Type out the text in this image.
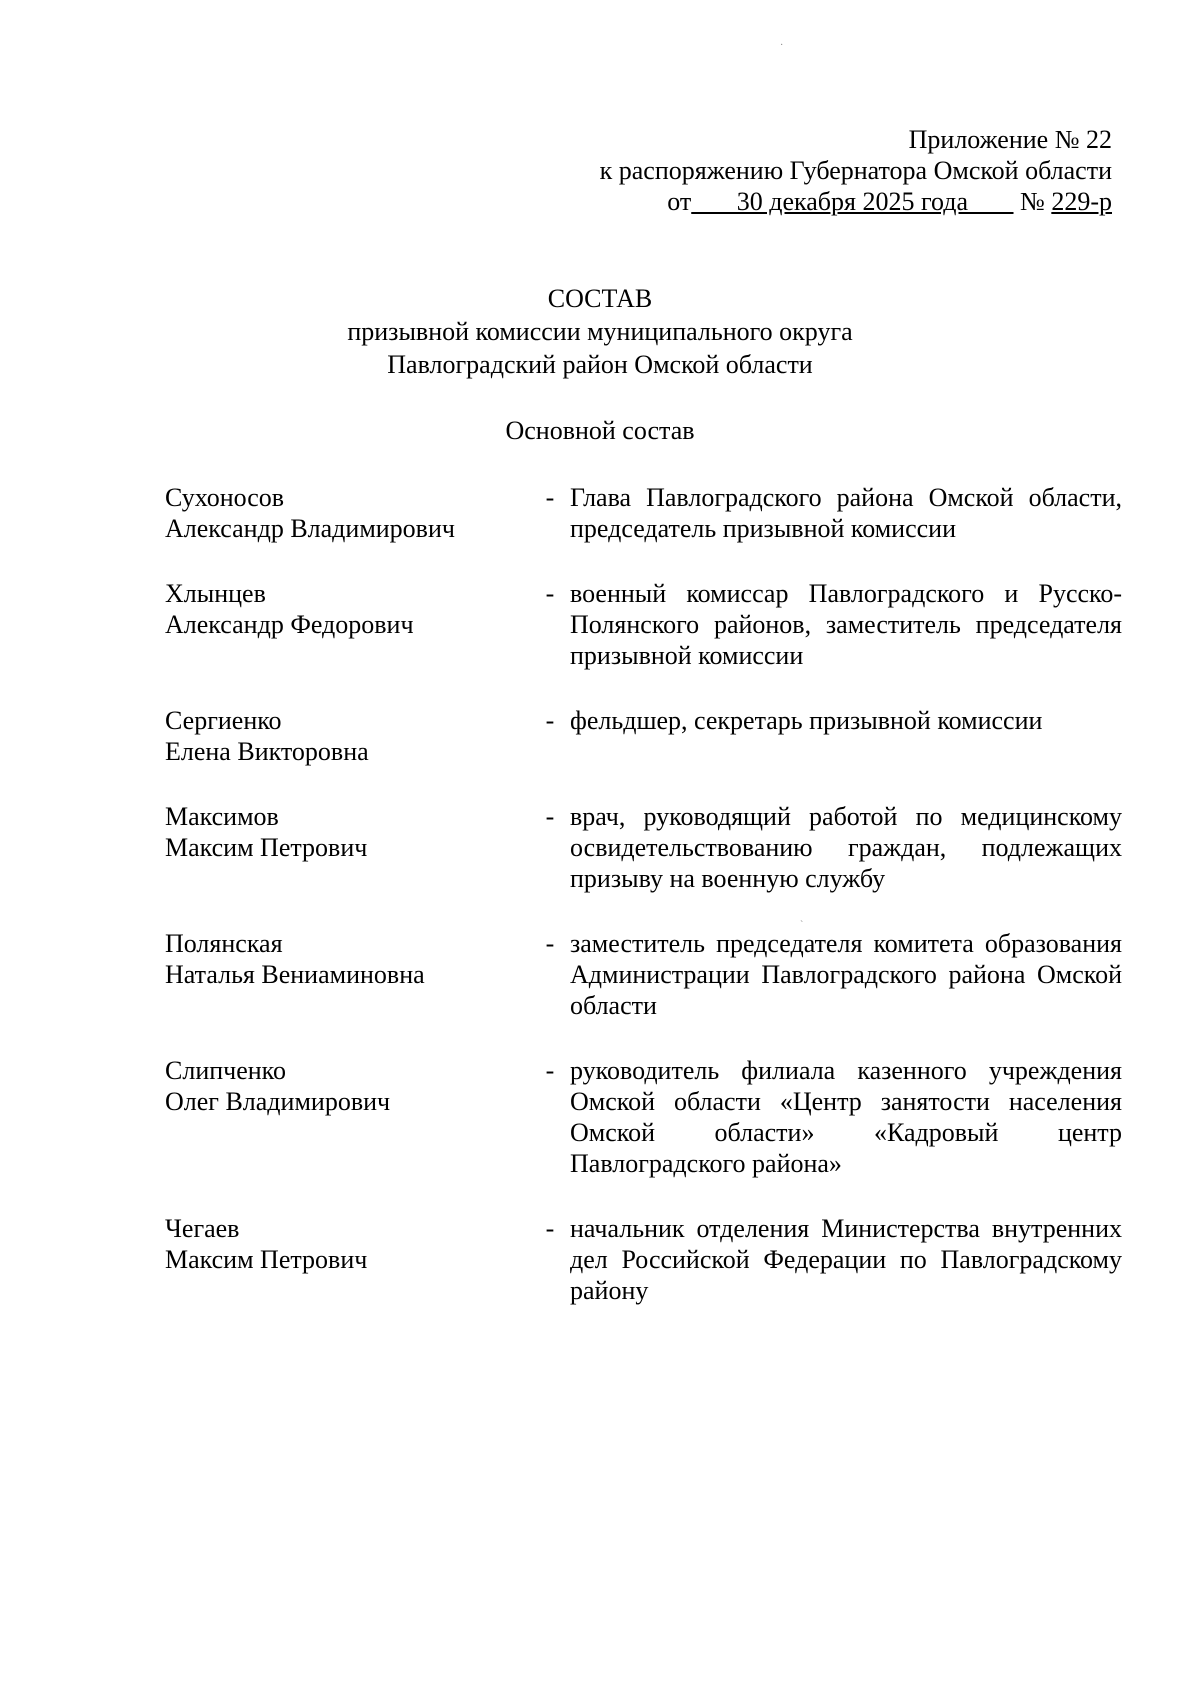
·
Приложение № 22
к распоряжению Губернатора Омской области
от       30 декабря 2025 года        № 229-р
СОСТАВ
призывной комиссии муниципального округа
Павлоградский район Омской области
Основной состав
Сухоносов
Александр Владимирович
- Глава Павлоградского района Омской области, председатель призывной комиссии
Хлынцев
Александр Федорович
- военный комиссар Павлоградского и Русско-Полянского районов, заместитель председателя призывной комиссии
Сергиенко
Елена Викторовна
- фельдшер, секретарь призывной комиссии
Максимов
Максим Петрович
- врач, руководящий работой по медицинскому освидетельствованию граждан, подлежащих призыву на военную службу
Полянская
Наталья Вениаминовна
- заместитель председателя комитета образования Администрации Павлоградского района Омской области
Слипченко
Олег Владимирович
- руководитель филиала казенного учреждения Омской области «Центр занятости населения Омской области» «Кадровый центр Павлоградского района»
Чегаев
Максим Петрович
- начальник отделения Министерства внутренних дел Российской Федерации по Павлоградскому району
`
